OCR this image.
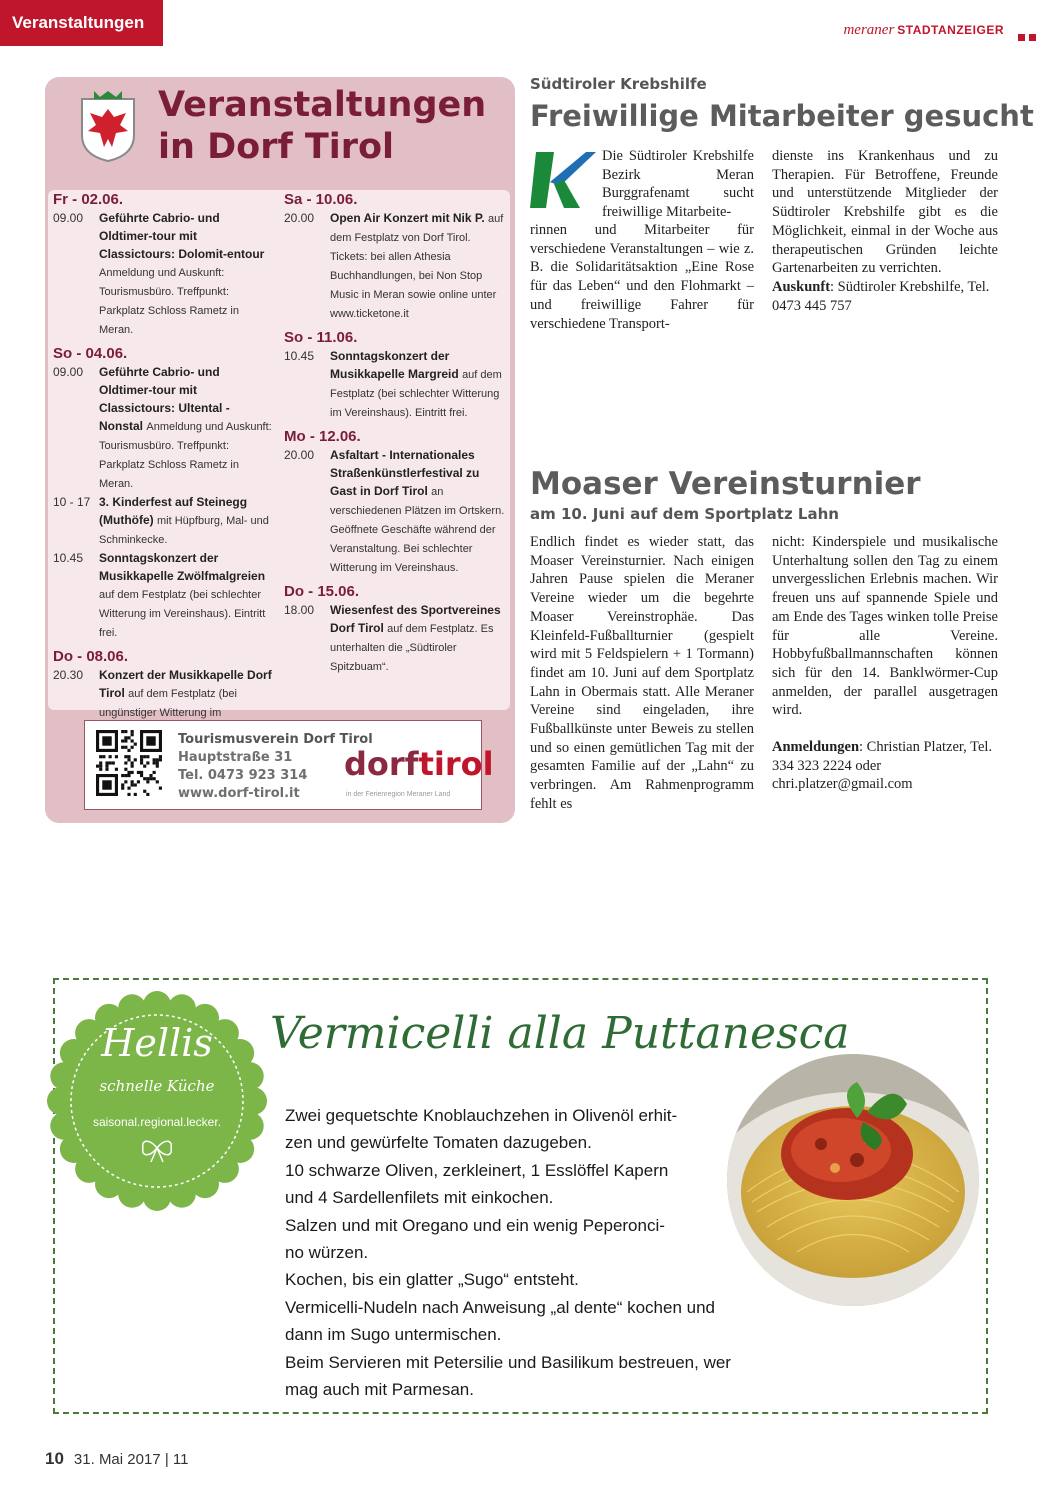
Veranstaltungen	meraner STADTANZEIGER
Veranstaltungen
in Dorf Tirol
Fr - 02.06.
09.00 Geführte Cabrio- und Oldtimer-tour mit Classictours: Dolomit-entour Anmeldung und Auskunft: Tourismusbüro. Treffpunkt: Parkplatz Schloss Rametz in Meran.
So - 04.06.
09.00 Geführte Cabrio- und Oldtimer-tour mit Classictours: Ultental - Nonstal Anmeldung und Auskunft: Tourismusbüro. Treffpunkt: Parkplatz Schloss Rametz in Meran.
10 - 17 3. Kinderfest auf Steinegg (Muthöfe) mit Hüpfburg, Mal- und Schminkecke.
10.45 Sonntagskonzert der Musikkapelle Zwölfmalgreien auf dem Festplatz (bei schlechter Witterung im Vereinshaus). Eintritt frei.
Do - 08.06.
20.30 Konzert der Musikkapelle Dorf Tirol auf dem Festplatz (bei ungünstiger Witterung im
Sa - 10.06.
20.00 Open Air Konzert mit Nik P. auf dem Festplatz von Dorf Tirol. Tickets: bei allen Athesia Buchhandlungen, bei Non Stop Music in Meran sowie online unter www.ticketone.it
So - 11.06.
10.45 Sonntagskonzert der Musikkapelle Margreid auf dem Festplatz (bei schlechter Witterung im Vereinshaus). Eintritt frei.
Mo - 12.06.
20.00 Asfaltart - Internationales Straßenkünstlerfestival zu Gast in Dorf Tirol an verschiedenen Plätzen im Ortskern. Geöffnete Geschäfte während der Veranstaltung. Bei schlechter Witterung im Vereinshaus.
Do - 15.06.
18.00 Wiesenfest des Sportvereines Dorf Tirol auf dem Festplatz. Es unterhalten die „Südtiroler Spitzbuam“.
Tourismusverein Dorf Tirol
Hauptstraße 31
Tel. 0473 923 314
www.dorf-tirol.it
dorftirol
in der Ferienregion Meraner Land
Südtiroler Krebshilfe
Freiwillige Mitarbeiter gesucht
Die Südtiroler Krebshilfe Bezirk Meran Burggrafenamt sucht freiwillige Mitarbeite-
rinnen und Mitarbeiter für verschiedene Veranstaltungen – wie z. B. die Solidaritätsaktion „Eine Rose für das Leben“ und den Flohmarkt – und freiwillige Fahrer für verschiedene Transport-
dienste ins Krankenhaus und zu Therapien. Für Betroffene, Freunde und unterstützende Mitglieder der Südtiroler Krebshilfe gibt es die Möglichkeit, einmal in der Woche aus therapeutischen Gründen leichte Gartenarbeiten zu verrichten.
Auskunft: Südtiroler Krebshilfe, Tel. 0473 445 757
Moaser Vereinsturnier
am 10. Juni auf dem Sportplatz Lahn
Endlich findet es wieder statt, das Moaser Vereinsturnier. Nach einigen Jahren Pause spielen die Meraner Vereine wieder um die begehrte Moaser Vereinstrophäe. Das Kleinfeld-Fußballturnier (gespielt wird mit 5 Feldspielern + 1 Tormann) findet am 10. Juni auf dem Sportplatz Lahn in Obermais statt. Alle Meraner Vereine sind eingeladen, ihre Fußballkünste unter Beweis zu stellen und so einen gemütlichen Tag mit der gesamten Familie auf der „Lahn“ zu verbringen. Am Rahmenprogramm fehlt es
nicht: Kinderspiele und musikalische Unterhaltung sollen den Tag zu einem unvergesslichen Erlebnis machen. Wir freuen uns auf spannende Spiele und am Ende des Tages winken tolle Preise für alle Vereine. Hobbyfußballmannschaften können sich für den 14. Banklwörmer-Cup anmelden, der parallel ausgetragen wird.
Anmeldungen: Christian Platzer, Tel. 334 323 2224 oder chri.platzer@gmail.com
Hellis
schnelle Küche
saisonal.regional.lecker.
Vermicelli alla Puttanesca
Zwei gequetschte Knoblauchzehen in Olivenöl erhit-
zen und gewürfelte Tomaten dazugeben.
10 schwarze Oliven, zerkleinert, 1 Esslöffel Kapern
und 4 Sardellenfilets mit einkochen.
Salzen und mit Oregano und ein wenig Peperonci-
no würzen.
Kochen, bis ein glatter „Sugo“ entsteht.
Vermicelli-Nudeln nach Anweisung „al dente“ kochen und
dann im Sugo untermischen.
Beim Servieren mit Petersilie und Basilikum bestreuen, wer
mag auch mit Parmesan.
10 31. Mai 2017 | 11
